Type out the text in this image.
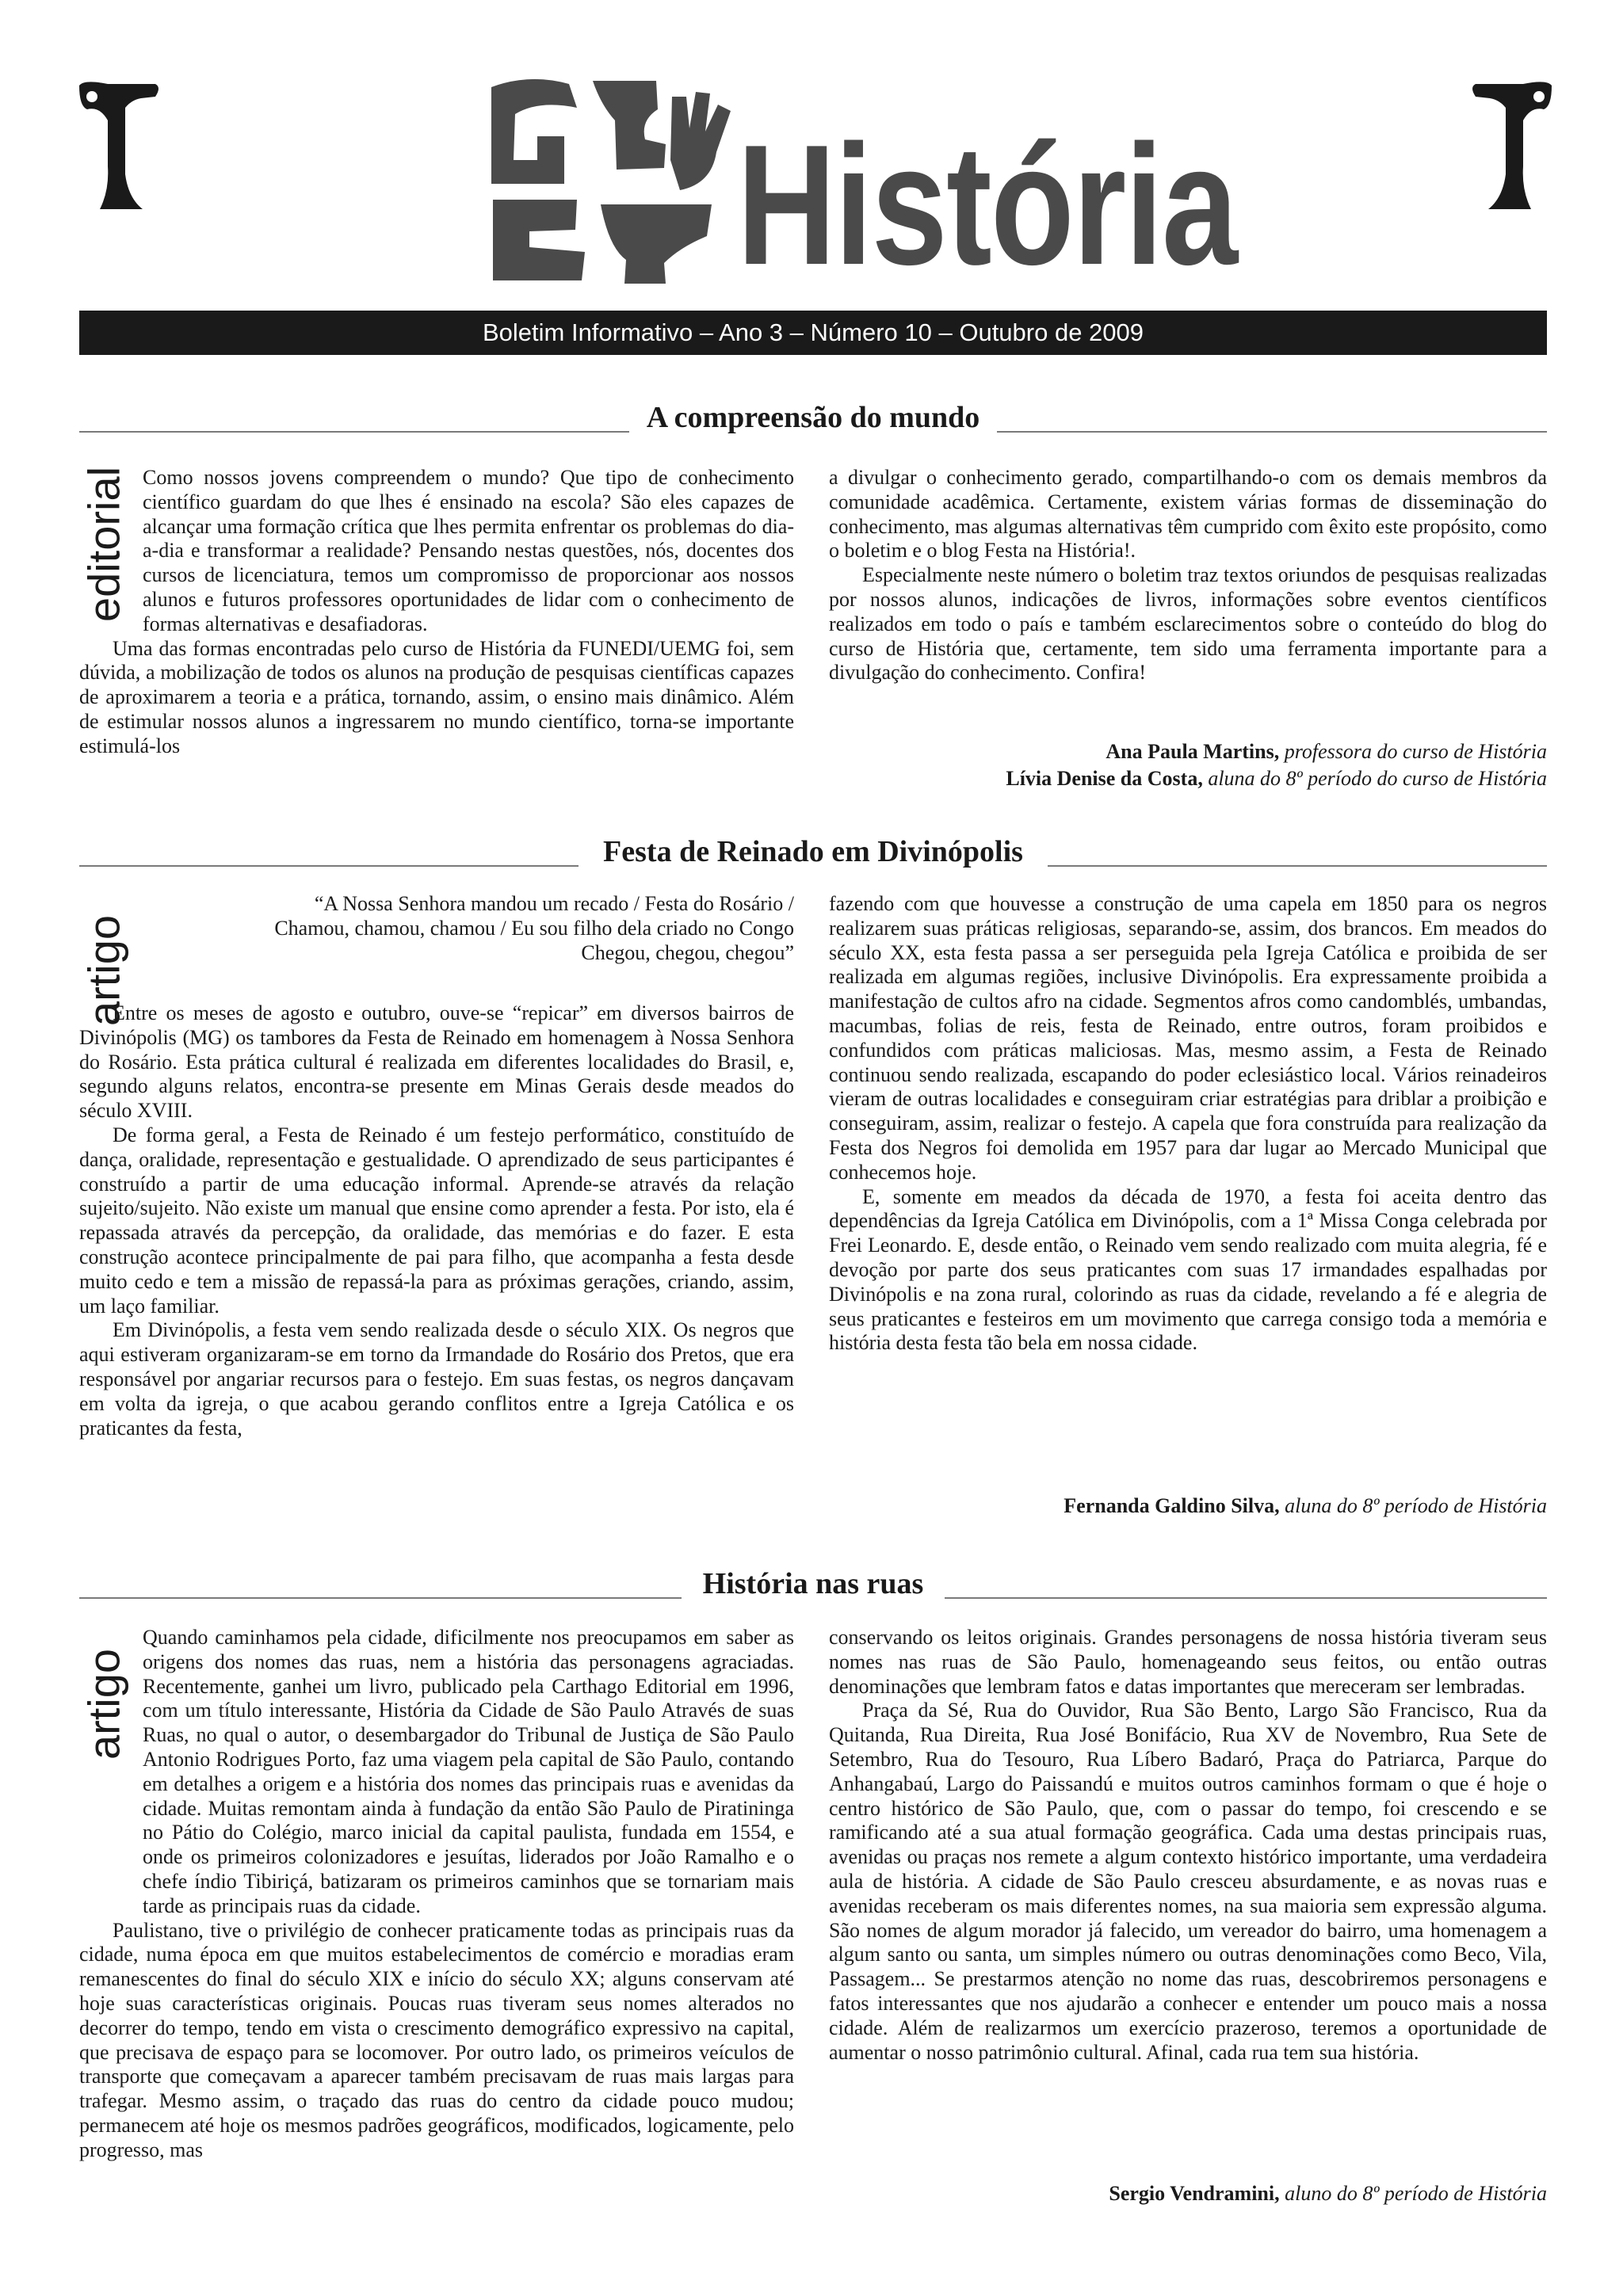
História
Boletim Informativo – Ano 3 – Número 10 – Outubro de 2009
A compreensão do mundo
editorial Como nossos jovens compreendem o mundo? Que tipo de conhecimento científico guardam do que lhes é ensinado na escola? São eles capazes de alcançar uma formação crítica que lhes permita enfrentar os problemas do dia-a-dia e transformar a realidade? Pensando nestas questões, nós, docentes dos cursos de licenciatura, temos um compromisso de proporcionar aos nossos alunos e futuros professores oportunidades de lidar com o conhecimento de formas alternativas e desafiadoras.

Uma das formas encontradas pelo curso de História da FUNEDI/UEMG foi, sem dúvida, a mobilização de todos os alunos na produção de pesquisas científicas capazes de aproximarem a teoria e a prática, tornando, assim, o ensino mais dinâmico. Além de estimular nossos alunos a ingressarem no mundo científico, torna-se importante estimulá-los

a divulgar o conhecimento gerado, compartilhando-o com os demais membros da comunidade acadêmica. Certamente, existem várias formas de disseminação do conhecimento, mas algumas alternativas têm cumprido com êxito este propósito, como o boletim e o blog Festa na História!.

Especialmente neste número o boletim traz textos oriundos de pesquisas realizadas por nossos alunos, indicações de livros, informações sobre eventos científicos realizados em todo o país e também esclarecimentos sobre o conteúdo do blog do curso de História que, certamente, tem sido uma ferramenta importante para a divulgação do conhecimento. Confira!

Ana Paula Martins, professora do curso de História
Lívia Denise da Costa, aluna do 8º período do curso de História
Festa de Reinado em Divinópolis
artigo

“A Nossa Senhora mandou um recado / Festa do Rosário /

Chamou, chamou, chamou / Eu sou filho dela criado no Congo

Chegou, chegou, chegou”

Entre os meses de agosto e outubro, ouve-se “repicar” em diversos bairros de Divinópolis (MG) os tambores da Festa de Reinado em homenagem à Nossa Senhora do Rosário. Esta prática cultural é realizada em diferentes localidades do Brasil, e, segundo alguns relatos, encontra-se presente em Minas Gerais desde meados do século XVIII.

De forma geral, a Festa de Reinado é um festejo performático, constituído de dança, oralidade, representação e gestualidade. O aprendizado de seus participantes é construído a partir de uma educação informal. Aprende-se através da relação sujeito/sujeito. Não existe um manual que ensine como aprender a festa. Por isto, ela é repassada através da percepção, da oralidade, das memórias e do fazer. E esta construção acontece principalmente de pai para filho, que acompanha a festa desde muito cedo e tem a missão de repassá-la para as próximas gerações, criando, assim, um laço familiar.

Em Divinópolis, a festa vem sendo realizada desde o século XIX. Os negros que aqui estiveram organizaram-se em torno da Irmandade do Rosário dos Pretos, que era responsável por angariar recursos para o festejo. Em suas festas, os negros dançavam em volta da igreja, o que acabou gerando conflitos entre a Igreja Católica e os praticantes da festa,

fazendo com que houvesse a construção de uma capela em 1850 para os negros realizarem suas práticas religiosas, separando-se, assim, dos brancos. Em meados do século XX, esta festa passa a ser perseguida pela Igreja Católica e proibida de ser realizada em algumas regiões, inclusive Divinópolis. Era expressamente proibida a manifestação de cultos afro na cidade. Segmentos afros como candomblés, umbandas, macumbas, folias de reis, festa de Reinado, entre outros, foram proibidos e confundidos com práticas maliciosas. Mas, mesmo assim, a Festa de Reinado continuou sendo realizada, escapando do poder eclesiástico local. Vários reinadeiros vieram de outras localidades e conseguiram criar estratégias para driblar a proibição e conseguiram, assim, realizar o festejo. A capela que fora construída para realização da Festa dos Negros foi demolida em 1957 para dar lugar ao Mercado Municipal que conhecemos hoje.

E, somente em meados da década de 1970, a festa foi aceita dentro das dependências da Igreja Católica em Divinópolis, com a 1ª Missa Conga celebrada por Frei Leonardo. E, desde então, o Reinado vem sendo realizado com muita alegria, fé e devoção por parte dos seus praticantes com suas 17 irmandades espalhadas por Divinópolis e na zona rural, colorindo as ruas da cidade, revelando a fé e alegria de seus praticantes e festeiros em um movimento que carrega consigo toda a memória e história desta festa tão bela em nossa cidade.

Fernanda Galdino Silva, aluna do 8º período de História
História nas ruas
artigo

Quando caminhamos pela cidade, dificilmente nos preocupamos em saber as origens dos nomes das ruas, nem a história das personagens agraciadas. Recentemente, ganhei um livro, publicado pela Carthago Editorial em 1996, com um título interessante, História da Cidade de São Paulo Através de suas Ruas, no qual o autor, o desembargador do Tribunal de Justiça de São Paulo Antonio Rodrigues Porto, faz uma viagem pela capital de São Paulo, contando em detalhes a origem e a história dos nomes das principais ruas e avenidas da cidade. Muitas remontam ainda à fundação da então São Paulo de Piratininga no Pátio do Colégio, marco inicial da capital paulista, fundada em 1554, e onde os primeiros colonizadores e jesuítas, liderados por João Ramalho e o chefe índio Tibiriçá, batizaram os primeiros caminhos que se tornariam mais tarde as principais ruas da cidade.

Paulistano, tive o privilégio de conhecer praticamente todas as principais ruas da cidade, numa época em que muitos estabelecimentos de comércio e moradias eram remanescentes do final do século XIX e início do século XX; alguns conservam até hoje suas características originais. Poucas ruas tiveram seus nomes alterados no decorrer do tempo, tendo em vista o crescimento demográfico expressivo na capital, que precisava de espaço para se locomover. Por outro lado, os primeiros veículos de transporte que começavam a aparecer também precisavam de ruas mais largas para trafegar. Mesmo assim, o traçado das ruas do centro da cidade pouco mudou; permanecem até hoje os mesmos padrões geográficos, modificados, logicamente, pelo progresso, mas

conservando os leitos originais. Grandes personagens de nossa história tiveram seus nomes nas ruas de São Paulo, homenageando seus feitos, ou então outras denominações que lembram fatos e datas importantes que mereceram ser lembradas.

Praça da Sé, Rua do Ouvidor, Rua São Bento, Largo São Francisco, Rua da Quitanda, Rua Direita, Rua José Bonifácio, Rua XV de Novembro, Rua Sete de Setembro, Rua do Tesouro, Rua Líbero Badaró, Praça do Patriarca, Parque do Anhangabaú, Largo do Paissandú e muitos outros caminhos formam o que é hoje o centro histórico de São Paulo, que, com o passar do tempo, foi crescendo e se ramificando até a sua atual formação geográfica. Cada uma destas principais ruas, avenidas ou praças nos remete a algum contexto histórico importante, uma verdadeira aula de história. A cidade de São Paulo cresceu absurdamente, e as novas ruas e avenidas receberam os mais diferentes nomes, na sua maioria sem expressão alguma. São nomes de algum morador já falecido, um vereador do bairro, uma homenagem a algum santo ou santa, um simples número ou outras denominações como Beco, Vila, Passagem... Se prestarmos atenção no nome das ruas, descobriremos personagens e fatos interessantes que nos ajudarão a conhecer e entender um pouco mais a nossa cidade. Além de realizarmos um exercício prazeroso, teremos a oportunidade de aumentar o nosso patrimônio cultural. Afinal, cada rua tem sua história.

Sergio Vendramini, aluno do 8º período de História
